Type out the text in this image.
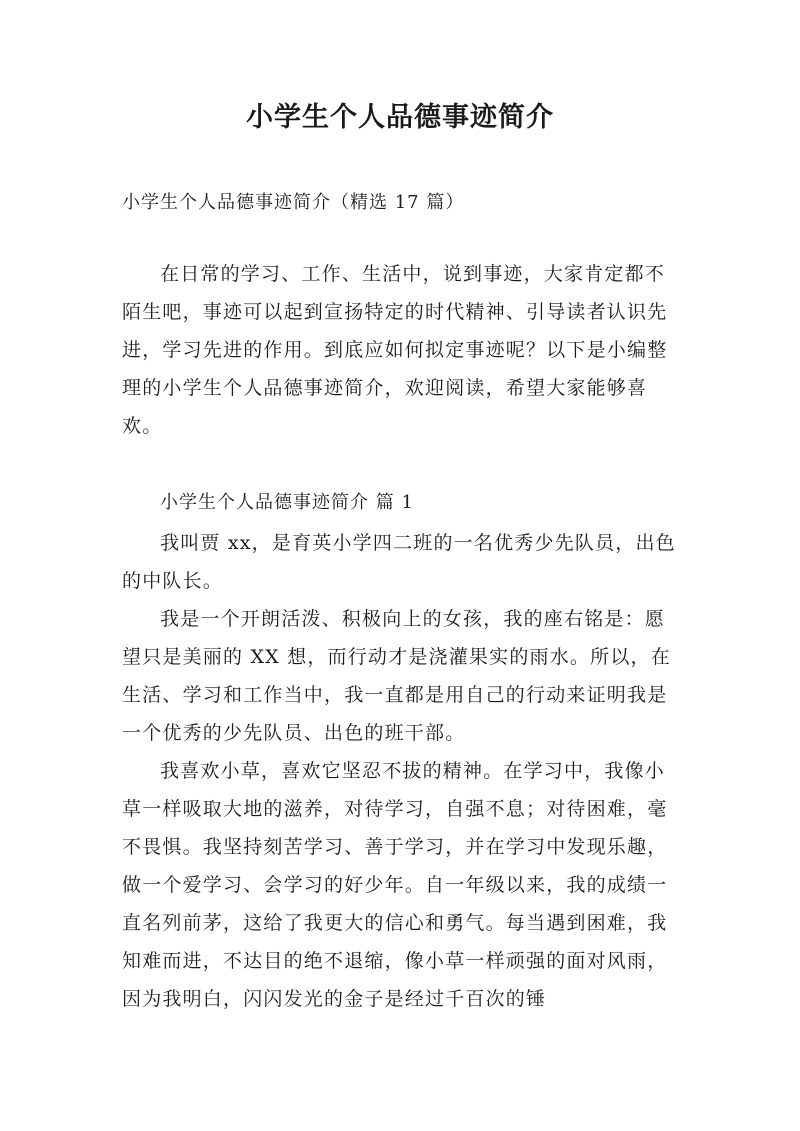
小学生个人品德事迹简介
小学生个人品德事迹简介（精选 17 篇）

在日常的学习、工作、生活中，说到事迹，大家肯定都不陌生吧，事迹可以起到宣扬特定的时代精神、引导读者认识先进，学习先进的作用。到底应如何拟定事迹呢？以下是小编整理的小学生个人品德事迹简介，欢迎阅读，希望大家能够喜欢。

小学生个人品德事迹简介 篇 1

我叫贾 xx，是育英小学四二班的一名优秀少先队员，出色的中队长。

我是一个开朗活泼、积极向上的女孩，我的座右铭是：愿望只是美丽的 XX 想，而行动才是浇灌果实的雨水。所以，在生活、学习和工作当中，我一直都是用自己的行动来证明我是一个优秀的少先队员、出色的班干部。

我喜欢小草，喜欢它坚忍不拔的精神。在学习中，我像小草一样吸取大地的滋养，对待学习，自强不息；对待困难，毫不畏惧。我坚持刻苦学习、善于学习，并在学习中发现乐趣，做一个爱学习、会学习的好少年。自一年级以来，我的成绩一直名列前茅，这给了我更大的信心和勇气。每当遇到困难，我知难而进，不达目的绝不退缩，像小草一样顽强的面对风雨，因为我明白，闪闪发光的金子是经过千百次的锤
